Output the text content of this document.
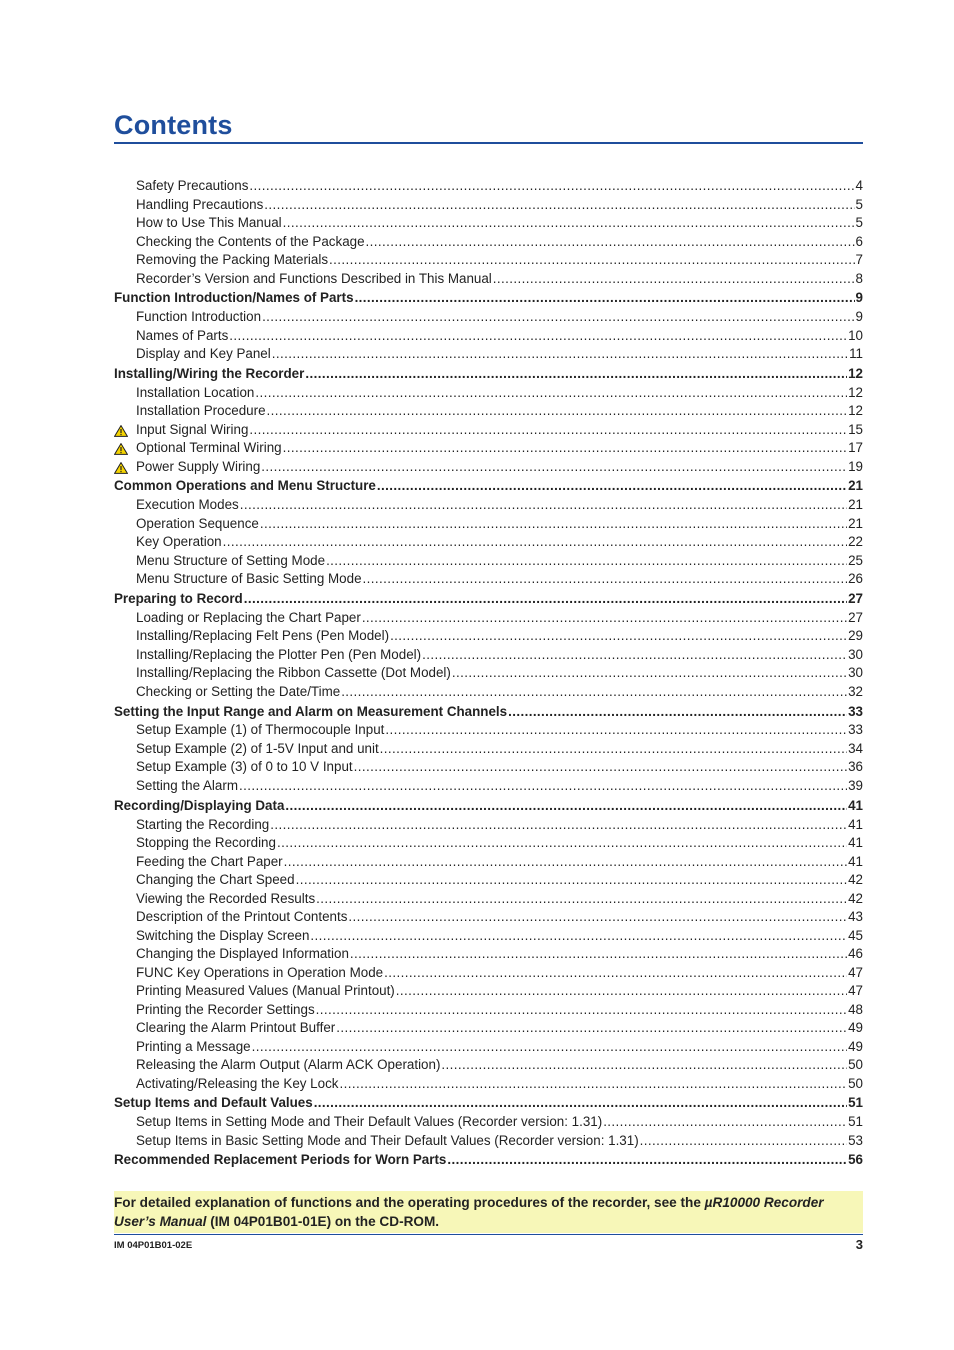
Contents
Safety Precautions .....	4
Handling Precautions .....	5
How to Use This Manual .....	5
Checking the Contents of the Package .....	6
Removing the Packing Materials .....	7
Recorder’s Version and Functions Described in This Manual .....	8
Function Introduction/Names of Parts .....	9
Function Introduction .....	9
Names of Parts .....	10
Display and Key Panel .....	11
Installing/Wiring the Recorder .....	12
Installation Location .....	12
Installation Procedure .....	12
Input Signal Wiring .....	15
Optional Terminal Wiring .....	17
Power Supply Wiring .....	19
Common Operations and Menu Structure .....	21
Execution Modes .....	21
Operation Sequence .....	21
Key Operation .....	22
Menu Structure of Setting Mode .....	25
Menu Structure of Basic Setting Mode .....	26
Preparing to Record .....	27
Loading or Replacing the Chart Paper .....	27
Installing/Replacing Felt Pens (Pen Model) .....	29
Installing/Replacing the Plotter Pen (Pen Model) .....	30
Installing/Replacing the Ribbon Cassette (Dot Model) .....	30
Checking or Setting the Date/Time .....	32
Setting the Input Range and Alarm on Measurement Channels .....	33
Setup Example (1) of Thermocouple Input .....	33
Setup Example (2) of 1-5V Input and unit .....	34
Setup Example (3) of 0 to 10 V Input .....	36
Setting the Alarm .....	39
Recording/Displaying Data .....	41
Starting the Recording .....	41
Stopping the Recording .....	41
Feeding the Chart Paper .....	41
Changing the Chart Speed .....	42
Viewing the Recorded Results .....	42
Description of the Printout Contents .....	43
Switching the Display Screen .....	45
Changing the Displayed Information .....	46
FUNC Key Operations in Operation Mode .....	47
Printing Measured Values (Manual Printout) .....	47
Printing the Recorder Settings .....	48
Clearing the Alarm Printout Buffer .....	49
Printing a Message .....	49
Releasing the Alarm Output (Alarm ACK Operation) .....	50
Activating/Releasing the Key Lock .....	50
Setup Items and Default Values .....	51
Setup Items in Setting Mode and Their Default Values (Recorder version: 1.31) .....	51
Setup Items in Basic Setting Mode and Their Default Values (Recorder version: 1.31) .....	53
Recommended Replacement Periods for Worn Parts .....	56
For detailed explanation of functions and the operating procedures of the recorder, see the µR10000 Recorder User’s Manual (IM 04P01B01-01E) on the CD-ROM.
IM 04P01B01-02E	3
